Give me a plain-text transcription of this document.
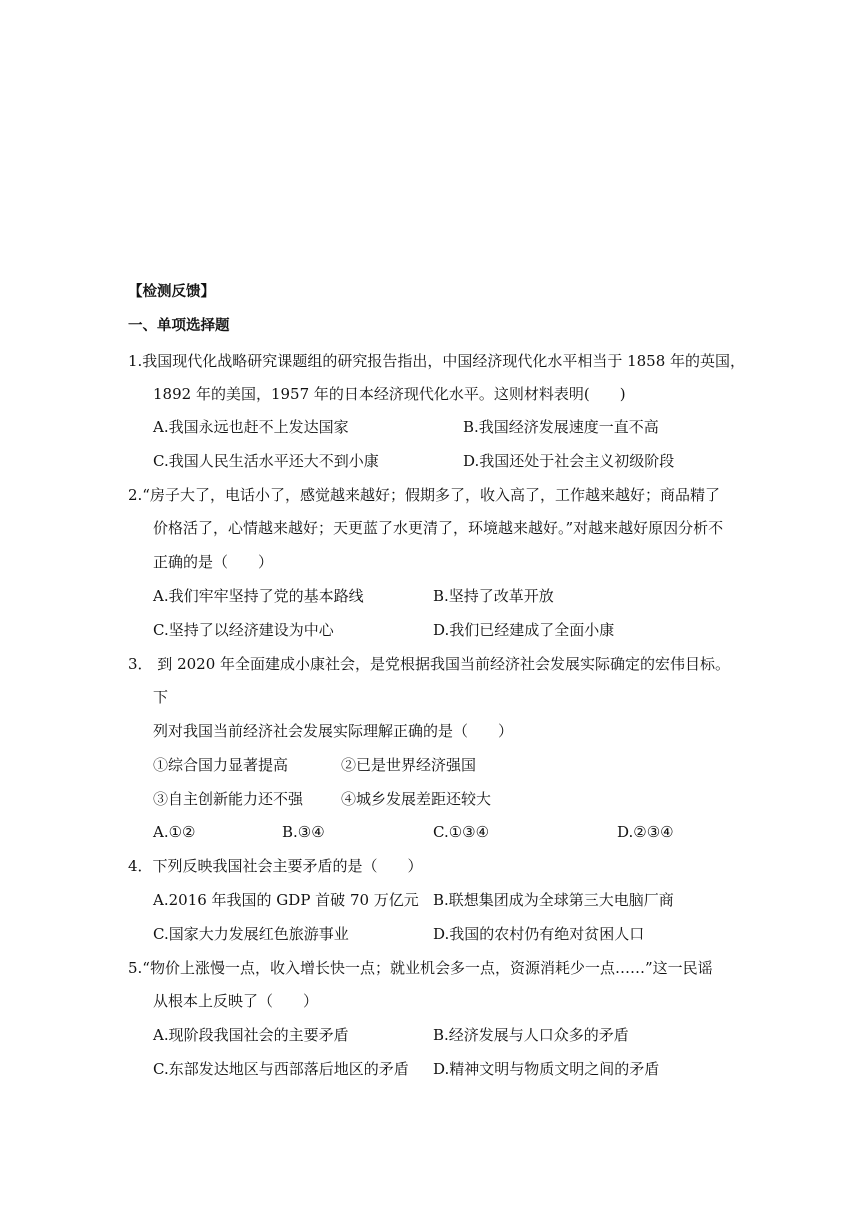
【检测反馈】
一、单项选择题
1.我国现代化战略研究课题组的研究报告指出，中国经济现代化水平相当于 1858 年的英国，
1892 年的美国，1957 年的日本经济现代化水平。这则材料表明(　　)
A.我国永远也赶不上发达国家	B.我国经济发展速度一直不高
C.我国人民生活水平还大不到小康	D.我国还处于社会主义初级阶段
2.“房子大了，电话小了，感觉越来越好；假期多了，收入高了，工作越来越好；商品精了
价格活了，心情越来越好；天更蓝了水更清了，环境越来越好。”对越来越好原因分析不
正确的是（　　）
A.我们牢牢坚持了党的基本路线	B.坚持了改革开放
C.坚持了以经济建设为中心	D.我们已经建成了全面小康
3． 到 2020 年全面建成小康社会，是党根据我国当前经济社会发展实际确定的宏伟目标。
下
列对我国当前经济社会发展实际理解正确的是（　　）
①综合国力显著提高	②已是世界经济强国
③自主创新能力还不强	④城乡发展差距还较大
A.①②	B.③④	C.①③④	D.②③④
4．下列反映我国社会主要矛盾的是（　　）
A.2016 年我国的 GDP 首破 70 万亿元 B.联想集团成为全球第三大电脑厂商
C.国家大力发展红色旅游事业	D.我国的农村仍有绝对贫困人口
5.“物价上涨慢一点，收入增长快一点；就业机会多一点，资源消耗少一点……”这一民谣
从根本上反映了（　　）
A.现阶段我国社会的主要矛盾	B.经济发展与人口众多的矛盾
C.东部发达地区与西部落后地区的矛盾 D.精神文明与物质文明之间的矛盾
